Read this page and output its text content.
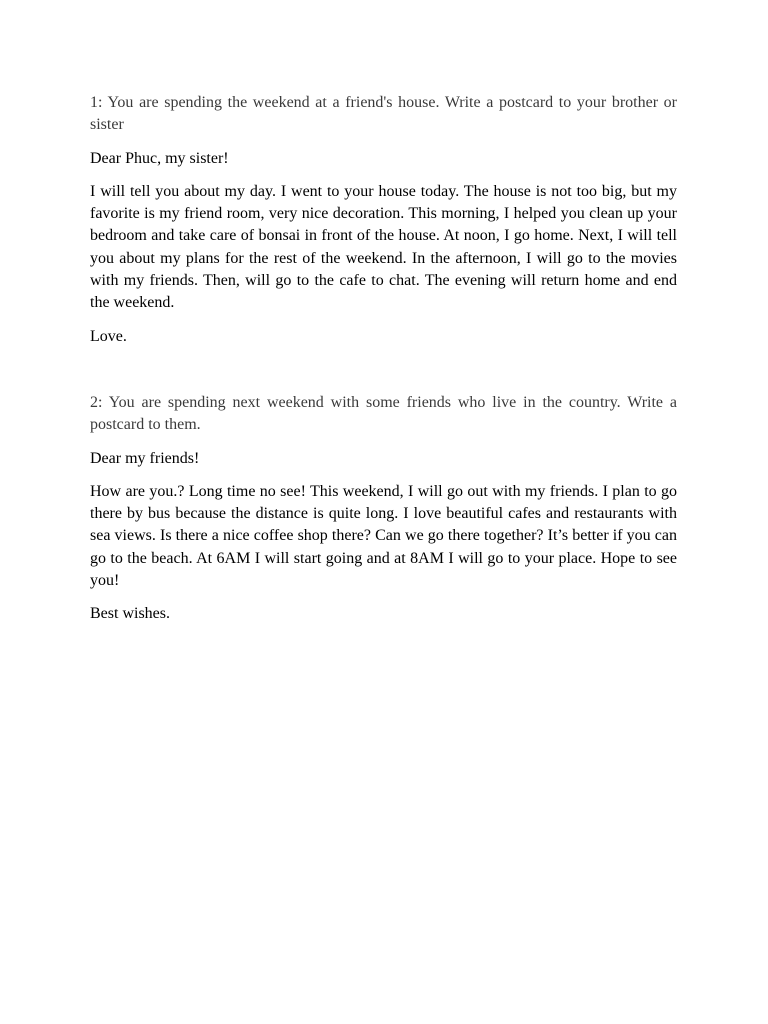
1: You are spending the weekend at a friend's house. Write a postcard to your brother or sister

Dear Phuc, my sister!

I will tell you about my day. I went to your house today. The house is not too big, but my favorite is my friend room, very nice decoration. This morning, I helped you clean up your bedroom and take care of bonsai in front of the house. At noon, I go home. Next, I will tell you about my plans for the rest of the weekend. In the afternoon, I will go to the movies with my friends. Then, will go to the cafe to chat. The evening will return home and end the weekend.

Love.

2: You are spending next weekend with some friends who live in the country. Write a postcard to them.

Dear my friends!

How are you.? Long time no see! This weekend, I will go out with my friends. I plan to go there by bus because the distance is quite long. I love beautiful cafes and restaurants with sea views. Is there a nice coffee shop there? Can we go there together? It’s better if you can go to the beach. At 6AM I will start going and at 8AM I will go to your place. Hope to see you!

Best wishes.
